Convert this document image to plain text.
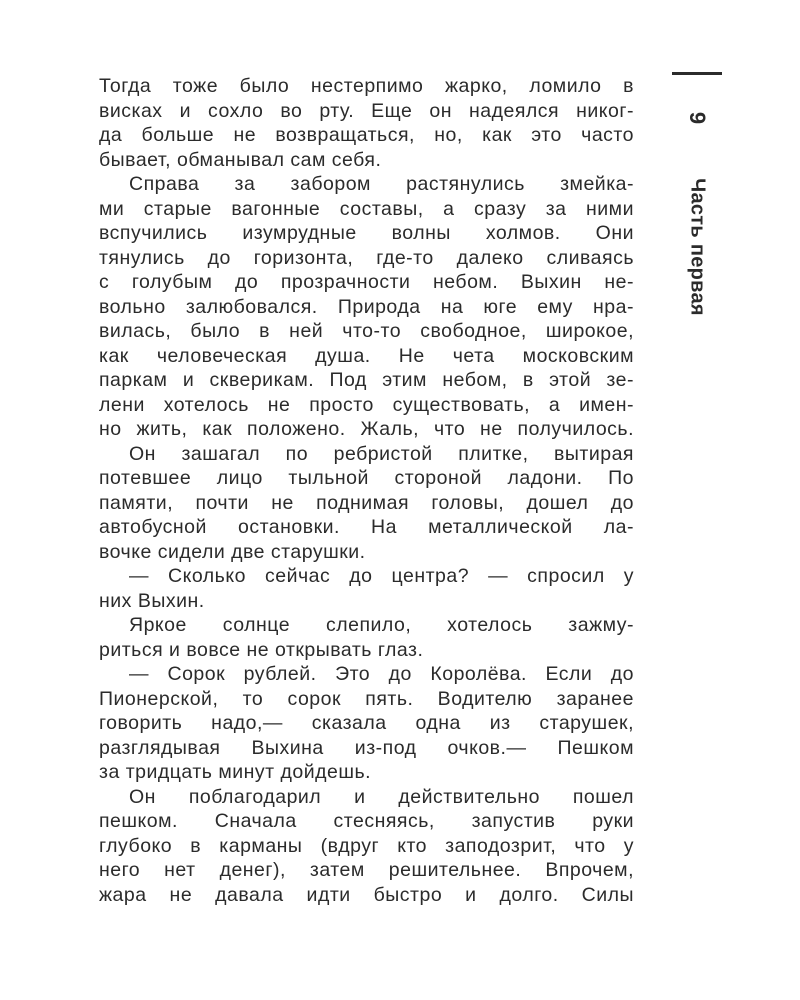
Тогда тоже было нестерпимо жарко, ломило в
висках и сохло во рту. Еще он надеялся никог-
да больше не возвращаться, но, как это часто
бывает, обманывал сам себя.
Справа за забором растянулись змейка-
ми старые вагонные составы, а сразу за ними
вспучились изумрудные волны холмов. Они
тянулись до горизонта, где-то далеко сливаясь
с голубым до прозрачности небом. Выхин не-
вольно залюбовался. Природа на юге ему нра-
вилась, было в ней что-то свободное, широкое,
как человеческая душа. Не чета московским
паркам и скверикам. Под этим небом, в этой зе-
лени хотелось не просто существовать, а имен-
но жить, как положено. Жаль, что не получилось.
Он зашагал по ребристой плитке, вытирая
потевшее лицо тыльной стороной ладони. По
памяти, почти не поднимая головы, дошел до
автобусной остановки. На металлической ла-
вочке сидели две старушки.
— Сколько сейчас до центра? — спросил у
них Выхин.
Яркое солнце слепило, хотелось зажму-
риться и вовсе не открывать глаз.
— Сорок рублей. Это до Королёва. Если до
Пионерской, то сорок пять. Водителю заранее
говорить надо,— сказала одна из старушек,
разглядывая Выхина из-под очков.— Пешком
за тридцать минут дойдешь.
Он поблагодарил и действительно пошел
пешком. Сначала стесняясь, запустив руки
глубоко в карманы (вдруг кто заподозрит, что у
него нет денег), затем решительнее. Впрочем,
жара не давала идти быстро и долго. Силы
9
Часть первая
